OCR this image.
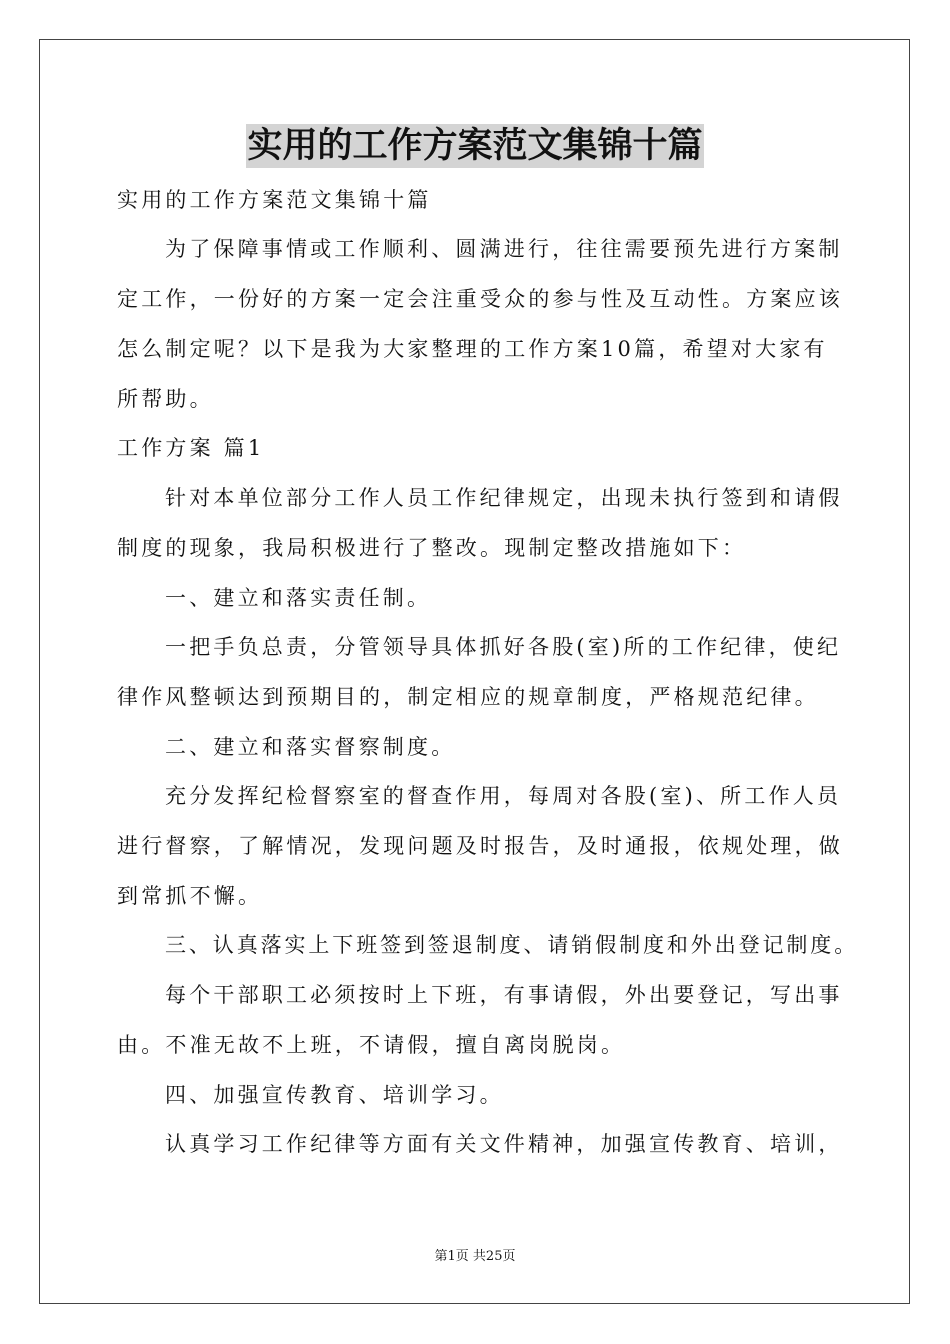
实用的工作方案范文集锦十篇
实用的工作方案范文集锦十篇
为了保障事情或工作顺利、圆满进行，往往需要预先进行方案制
定工作，一份好的方案一定会注重受众的参与性及互动性。方案应该
怎么制定呢？以下是我为大家整理的工作方案10篇，希望对大家有
所帮助。
工作方案 篇1
针对本单位部分工作人员工作纪律规定，出现未执行签到和请假
制度的现象，我局积极进行了整改。现制定整改措施如下：
一、建立和落实责任制。
一把手负总责，分管领导具体抓好各股(室)所的工作纪律，使纪
律作风整顿达到预期目的，制定相应的规章制度，严格规范纪律。
二、建立和落实督察制度。
充分发挥纪检督察室的督查作用，每周对各股(室)、所工作人员
进行督察，了解情况，发现问题及时报告，及时通报，依规处理，做
到常抓不懈。
三、认真落实上下班签到签退制度、请销假制度和外出登记制度。
每个干部职工必须按时上下班，有事请假，外出要登记，写出事
由。不准无故不上班，不请假，擅自离岗脱岗。
四、加强宣传教育、培训学习。
认真学习工作纪律等方面有关文件精神，加强宣传教育、培训，
第1页 共25页
